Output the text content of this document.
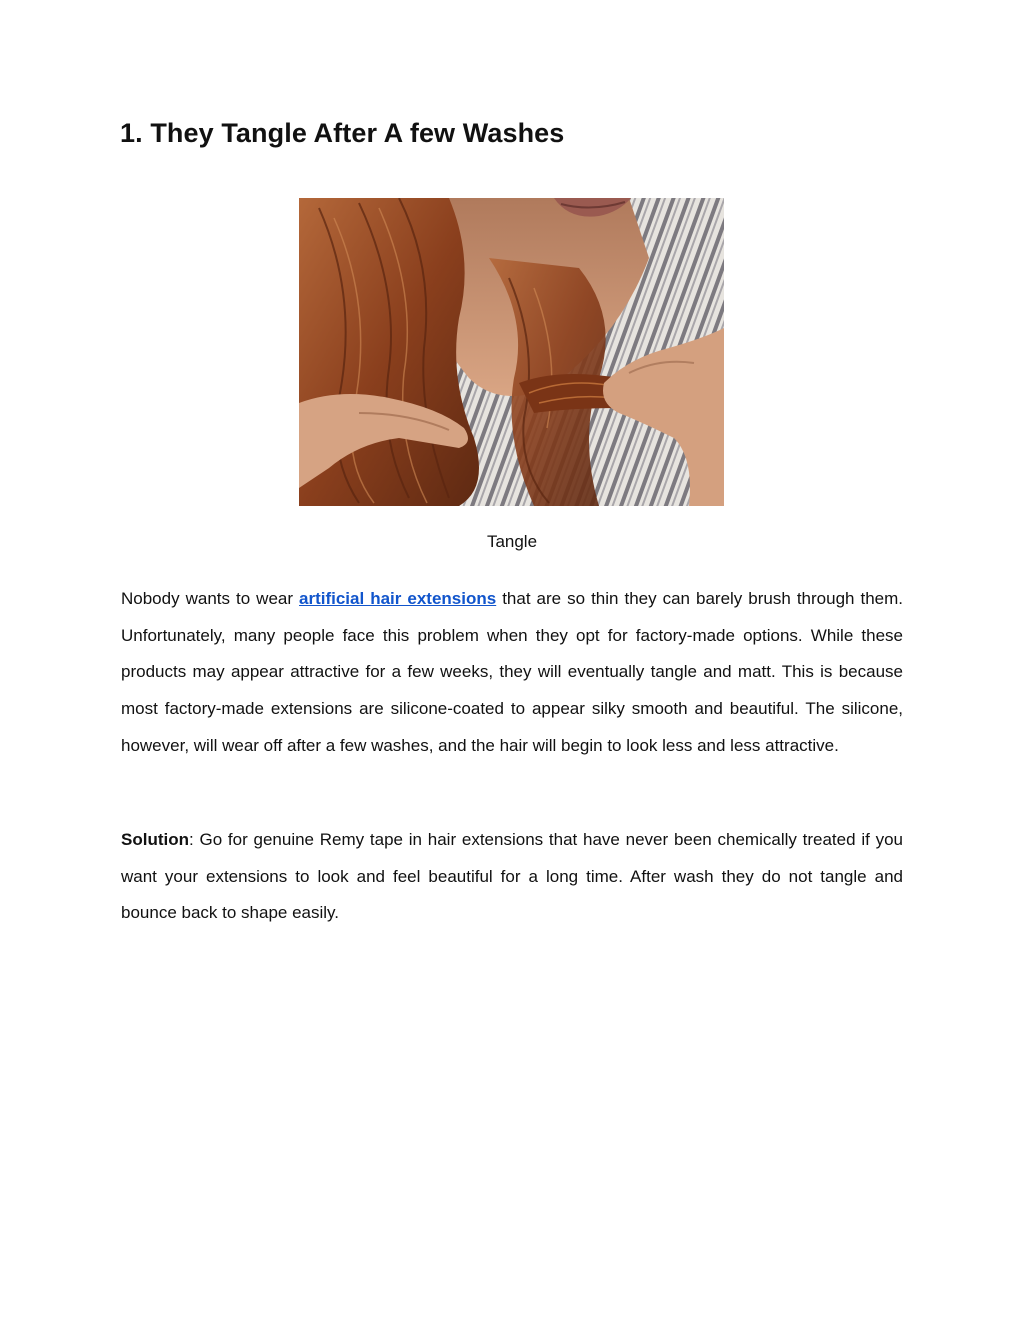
1. They Tangle After A few Washes
Tangle

Nobody wants to wear artificial hair extensions that are so thin they can barely brush through them. Unfortunately, many people face this problem when they opt for factory-made options. While these products may appear attractive for a few weeks, they will eventually tangle and matt. This is because most factory-made extensions are silicone-coated to appear silky smooth and beautiful. The silicone, however, will wear off after a few washes, and the hair will begin to look less and less attractive.

Solution: Go for genuine Remy tape in hair extensions that have never been chemically treated if you want your extensions to look and feel beautiful for a long time. After wash they do not tangle and bounce back to shape easily.
